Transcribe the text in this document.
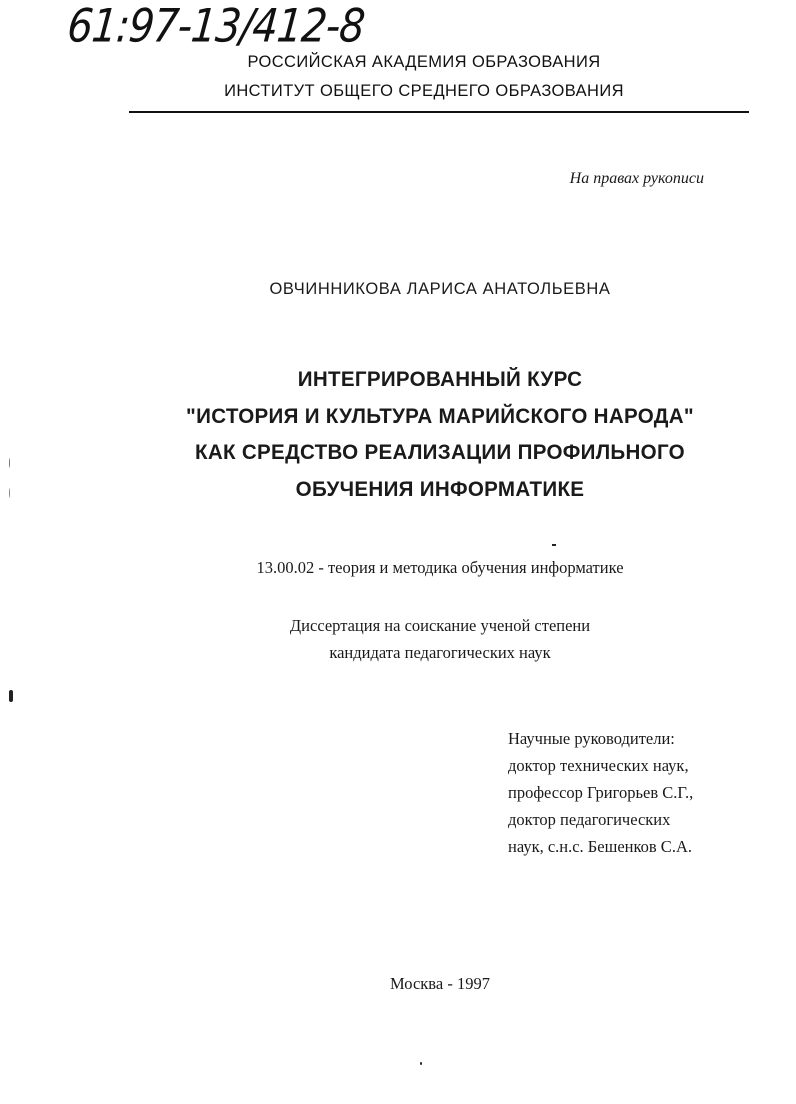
61:97-13/412-8
РОССИЙСКАЯ АКАДЕМИЯ ОБРАЗОВАНИЯ
ИНСТИТУТ ОБЩЕГО СРЕДНЕГО ОБРАЗОВАНИЯ
На правах рукописи
ОВЧИННИКОВА ЛАРИСА АНАТОЛЬЕВНА
ИНТЕГРИРОВАННЫЙ КУРС
"ИСТОРИЯ И КУЛЬТУРА МАРИЙСКОГО НАРОДА"
КАК СРЕДСТВО РЕАЛИЗАЦИИ ПРОФИЛЬНОГО
ОБУЧЕНИЯ ИНФОРМАТИКЕ
13.00.02 - теория и методика обучения информатике
Диссертация на соискание ученой степени
кандидата педагогических наук
Научные руководители:
доктор технических наук,
профессор Григорьев С.Г.,
доктор педагогических
наук, с.н.с. Бешенков С.А.
Москва - 1997
